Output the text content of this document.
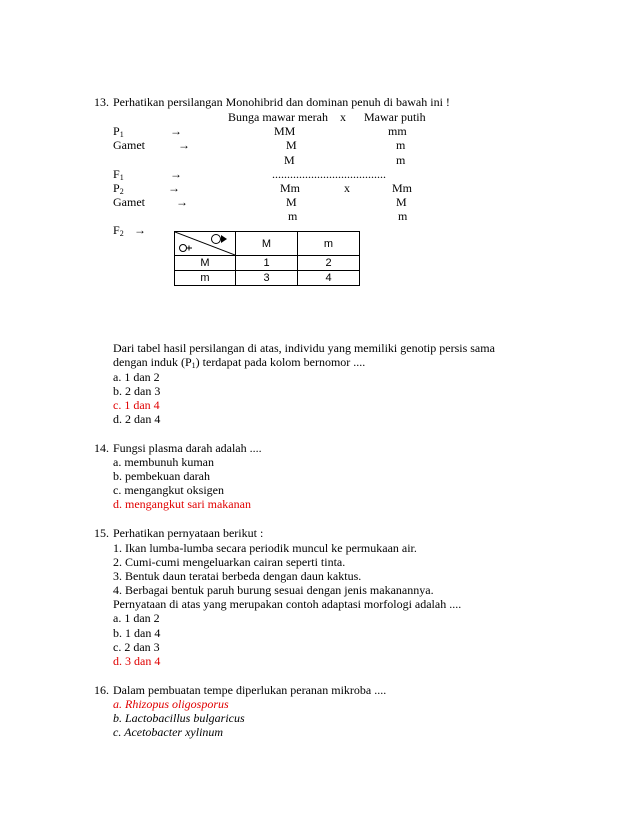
13. Perhatikan persilangan Monohibrid dan dominan penuh di bawah ini !
Bunga mawar merah    x      Mawar putih
$P_1$	→	MM	mm
Gamet	→	M	m
M	m
$F_1$	→	......................................
$P_2$	→	Mm	x	Mm
Gamet	→	M	M
m	m
$F_2$ →
	M	m
M	1	2
m	3	4
Dari tabel hasil persilangan di atas, individu yang memiliki genotip persis sama
dengan induk $(P_1)$ terdapat pada kolom bernomor ....
a. 1 dan 2
b. 2 dan 3
c. 1 dan 4
d. 2 dan 4
14. Fungsi plasma darah adalah ....
a. membunuh kuman
b. pembekuan darah
c. mengangkut oksigen
d. mengangkut sari makanan
15. Perhatikan pernyataan berikut :
1. Ikan lumba-lumba secara periodik muncul ke permukaan air.
2. Cumi-cumi mengeluarkan cairan seperti tinta.
3. Bentuk daun teratai berbeda dengan daun kaktus.
4. Berbagai bentuk paruh burung sesuai dengan jenis makanannya.
Pernyataan di atas yang merupakan contoh adaptasi morfologi adalah ....
a. 1 dan 2
b. 1 dan 4
c. 2 dan 3
d. 3 dan 4
16. Dalam pembuatan tempe diperlukan peranan mikroba ....
a. Rhizopus oligosporus
b. Lactobacillus bulgaricus
c. Acetobacter xylinum
